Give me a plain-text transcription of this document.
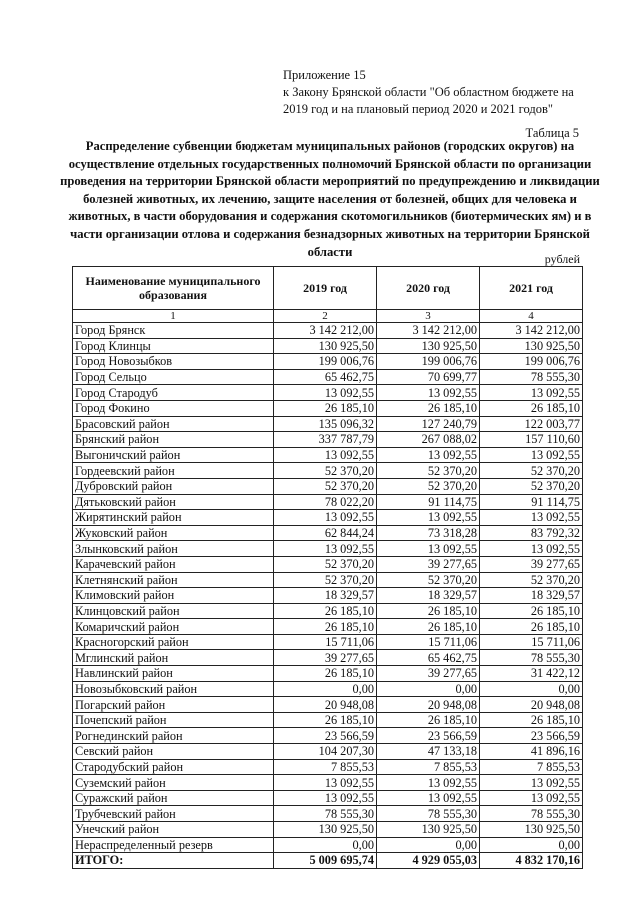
Приложение 15
к Закону Брянской области "Об областном бюджете на
2019 год и на плановый период 2020 и 2021 годов"
Таблица 5
Распределение субвенции бюджетам муниципальных районов (городских округов) на осуществление отдельных государственных полномочий Брянской области по организации проведения на территории Брянской области мероприятий по предупреждению и ликвидации болезней животных, их лечению, защите населения от болезней, общих для человека и животных, в части оборудования и содержания скотомогильников (биотермических ям) и в части организации отлова и содержания безнадзорных животных на территории Брянской области
рублей
Наименование муниципального образования	2019 год	2020 год	2021 год
1	2	3	4
Город Брянск	3 142 212,00	3 142 212,00	3 142 212,00
Город Клинцы	130 925,50	130 925,50	130 925,50
Город Новозыбков	199 006,76	199 006,76	199 006,76
Город Сельцо	65 462,75	70 699,77	78 555,30
Город Стародуб	13 092,55	13 092,55	13 092,55
Город Фокино	26 185,10	26 185,10	26 185,10
Брасовский район	135 096,32	127 240,79	122 003,77
Брянский район	337 787,79	267 088,02	157 110,60
Выгоничский район	13 092,55	13 092,55	13 092,55
Гордеевский район	52 370,20	52 370,20	52 370,20
Дубровский район	52 370,20	52 370,20	52 370,20
Дятьковский район	78 022,20	91 114,75	91 114,75
Жирятинский район	13 092,55	13 092,55	13 092,55
Жуковский район	62 844,24	73 318,28	83 792,32
Злынковский район	13 092,55	13 092,55	13 092,55
Карачевский район	52 370,20	39 277,65	39 277,65
Клетнянский район	52 370,20	52 370,20	52 370,20
Климовский район	18 329,57	18 329,57	18 329,57
Клинцовский район	26 185,10	26 185,10	26 185,10
Комаричский район	26 185,10	26 185,10	26 185,10
Красногорский район	15 711,06	15 711,06	15 711,06
Мглинский район	39 277,65	65 462,75	78 555,30
Навлинский район	26 185,10	39 277,65	31 422,12
Новозыбковский район	0,00	0,00	0,00
Погарский район	20 948,08	20 948,08	20 948,08
Почепский район	26 185,10	26 185,10	26 185,10
Рогнединский район	23 566,59	23 566,59	23 566,59
Севский район	104 207,30	47 133,18	41 896,16
Стародубский район	7 855,53	7 855,53	7 855,53
Суземский район	13 092,55	13 092,55	13 092,55
Суражский район	13 092,55	13 092,55	13 092,55
Трубчевский район	78 555,30	78 555,30	78 555,30
Унечский район	130 925,50	130 925,50	130 925,50
Нераспределенный резерв	0,00	0,00	0,00
ИТОГО:	5 009 695,74	4 929 055,03	4 832 170,16
